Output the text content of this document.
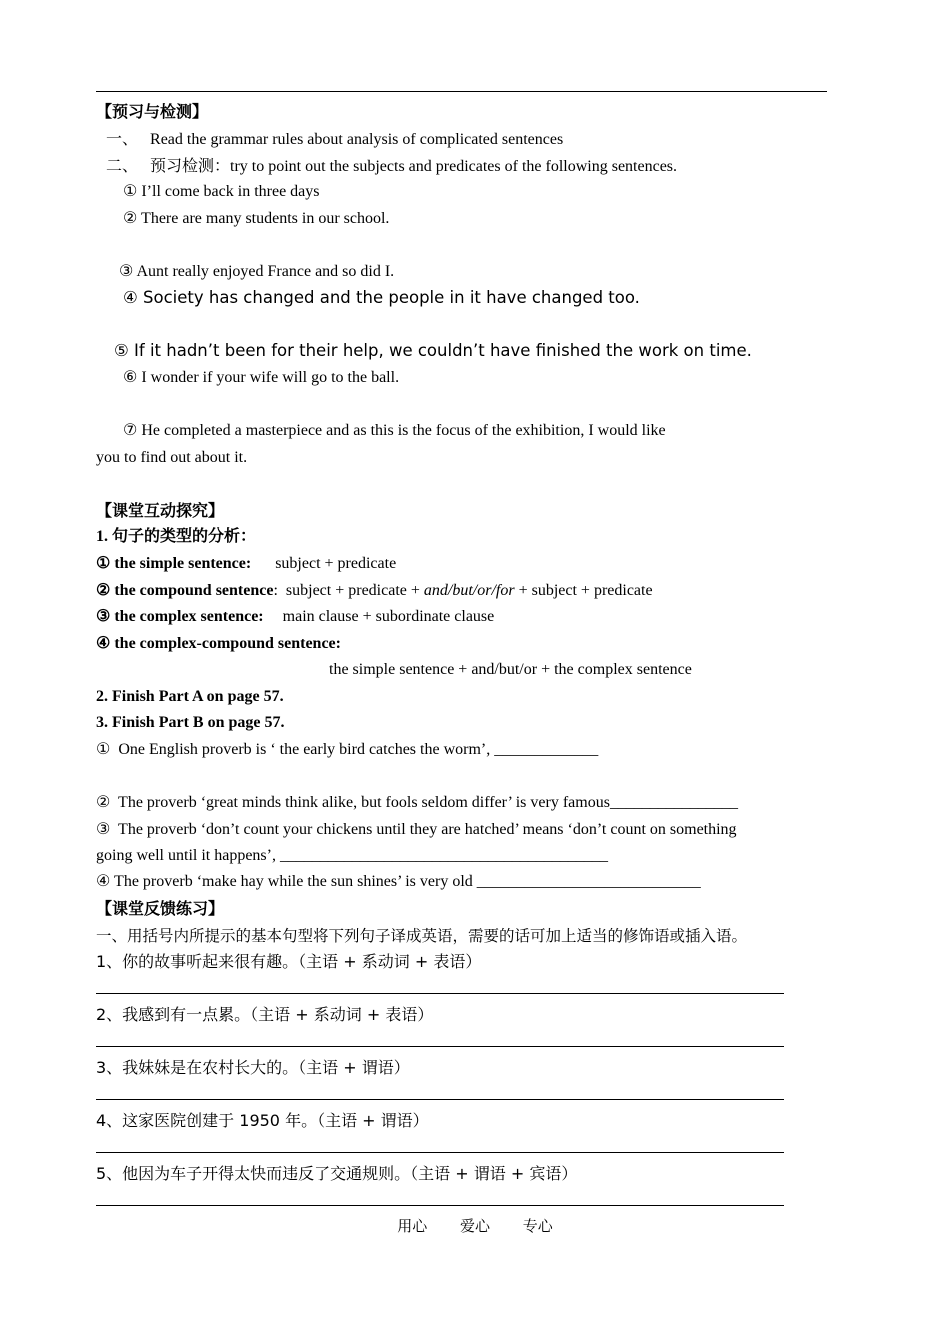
【预习与检测】
一、 Read the grammar rules about analysis of complicated sentences
二、 预习检测：try to point out the subjects and predicates of the following sentences.
① I’ll come back in three days
② There are many students in our school.
③ Aunt really enjoyed France and so did I.
④ Society has changed and the people in it have changed too.
⑤ If it hadn’t been for their help, we couldn’t have finished the work on time.
⑥ I wonder if your wife will go to the ball.
⑦ He completed a masterpiece and as this is the focus of the exhibition, I would like
you to find out about it.
【课堂互动探究】
1. 句子的类型的分析：
① the simple sentence: subject + predicate
② the compound sentence:  subject + predicate + and/but/or/for + subject + predicate
③ the complex sentence: main clause + subordinate clause
④ the complex-compound sentence:
the simple sentence + and/but/or + the complex sentence
2. Finish Part A on page 57.
3. Finish Part B on page 57.
①  One English proverb is ‘ the early bird catches the worm’, _____________
②  The proverb ‘great minds think alike, but fools seldom differ’ is very famous________________
③  The proverb ‘don’t count your chickens until they are hatched’ means ‘don’t count on something
going well until it happens’, _________________________________________
④ The proverb ‘make hay while the sun shines’ is very old ____________________________
【课堂反馈练习】
一、用括号内所提示的基本句型将下列句子译成英语，需要的话可加上适当的修饰语或插入语。
1、你的故事听起来很有趣。（主语 + 系动词 + 表语）
2、我感到有一点累。（主语 + 系动词 + 表语）
3、我妹妹是在农村长大的。（主语 + 谓语）
4、这家医院创建于 1950 年。（主语 + 谓语）
5、他因为车子开得太快而违反了交通规则。（主语 + 谓语 + 宾语）
用心 爱心 专心
